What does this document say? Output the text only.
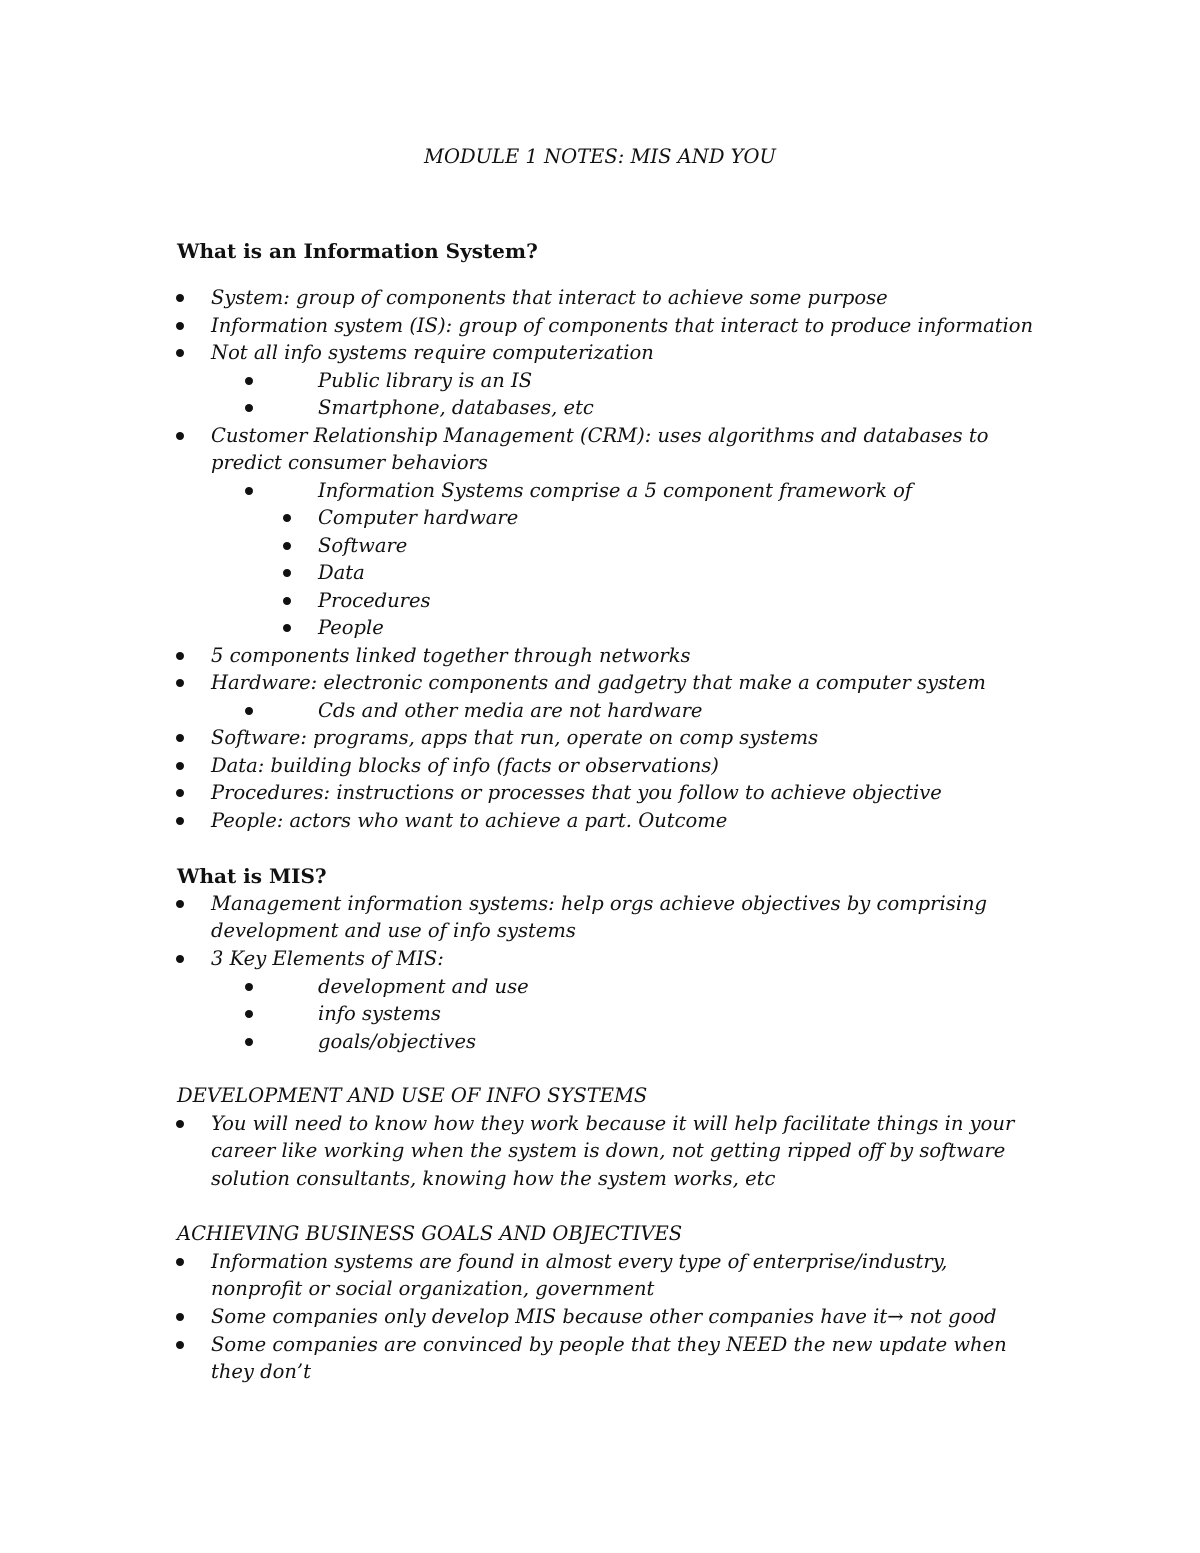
MODULE 1 NOTES: MIS AND YOU
What is an Information System?
System: group of components that interact to achieve some purpose
Information system (IS): group of components that interact to produce information
Not all info systems require computerization
Public library is an IS
Smartphone, databases, etc
Customer Relationship Management (CRM): uses algorithms and databases to
predict consumer behaviors
Information Systems comprise a 5 component framework of
Computer hardware
Software
Data
Procedures
People
5 components linked together through networks
Hardware: electronic components and gadgetry that make a computer system
Cds and other media are not hardware
Software: programs, apps that run, operate on comp systems
Data: building blocks of info (facts or observations)
Procedures: instructions or processes that you follow to achieve objective
People: actors who want to achieve a part. Outcome
What is MIS?
Management information systems: help orgs achieve objectives by comprising
development and use of info systems
3 Key Elements of MIS:
development and use
info systems
goals/objectives
DEVELOPMENT AND USE OF INFO SYSTEMS
You will need to know how they work because it will help facilitate things in your
career like working when the system is down, not getting ripped off by software
solution consultants, knowing how the system works, etc
ACHIEVING BUSINESS GOALS AND OBJECTIVES
Information systems are found in almost every type of enterprise/industry,
nonprofit or social organization, government
Some companies only develop MIS because other companies have it→ not good
Some companies are convinced by people that they NEED the new update when
they don’t
